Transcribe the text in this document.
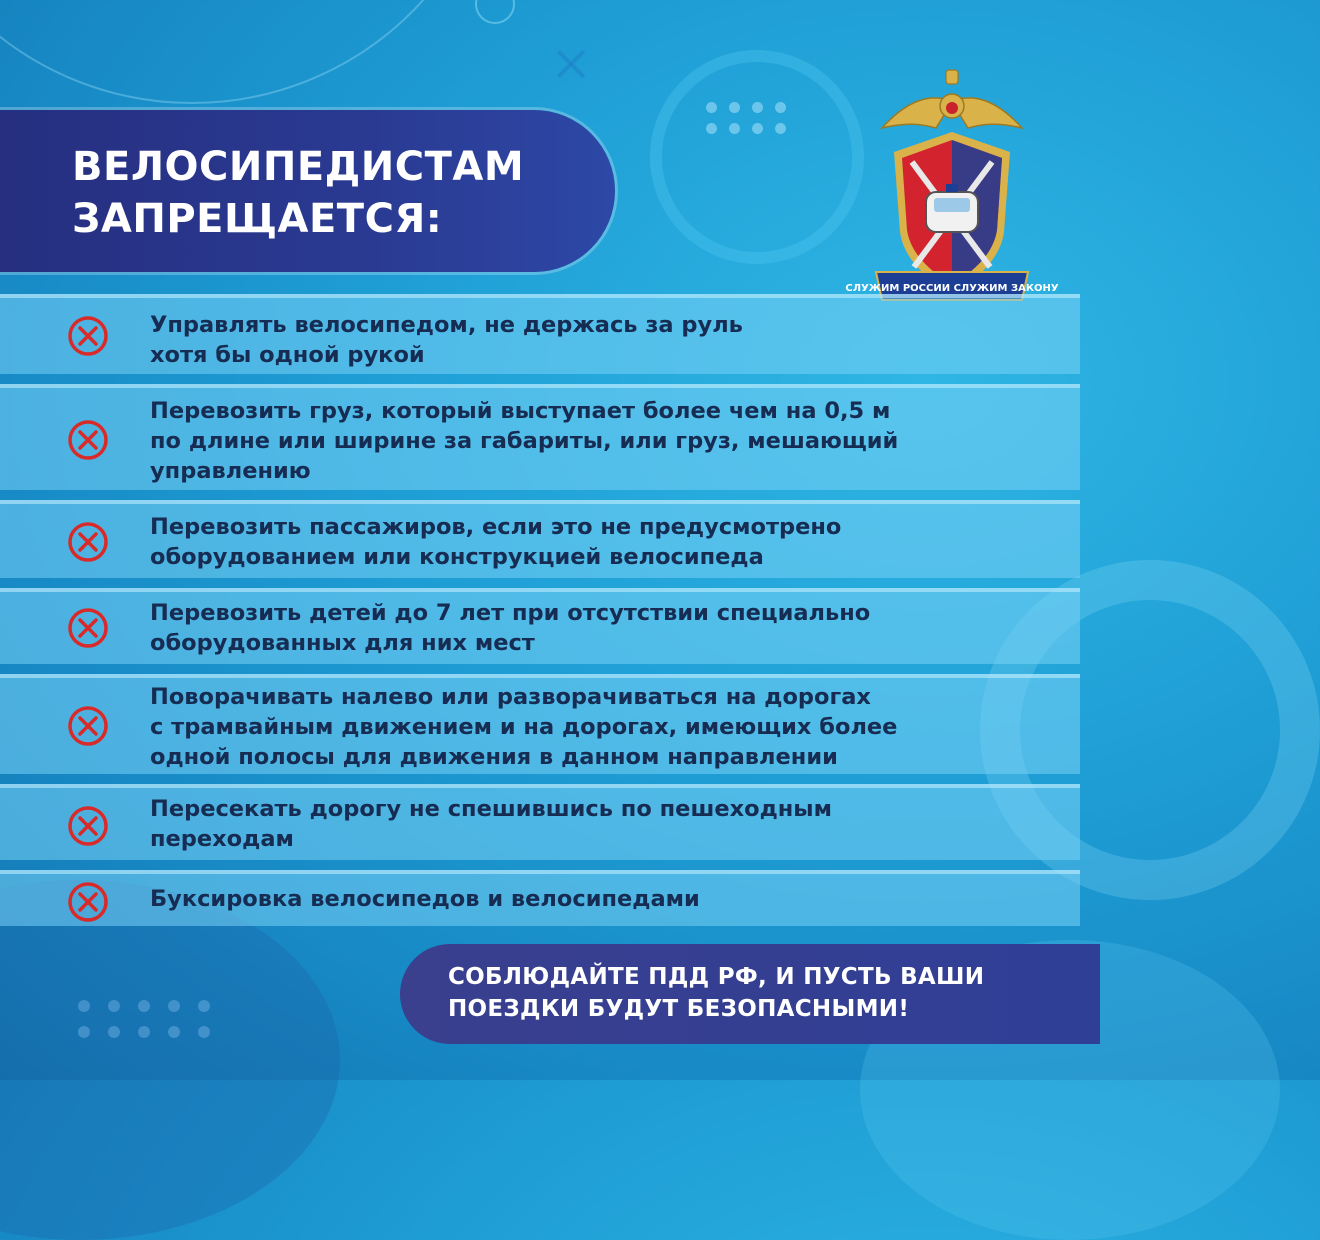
ВЕЛОСИПЕДИСТАМ
ЗАПРЕЩАЕТСЯ:
СЛУЖИМ РОССИИ СЛУЖИМ ЗАКОНУ
Управлять велосипедом, не держась за руль
хотя бы одной рукой
Перевозить груз, который выступает более чем на 0,5 м
по длине или ширине за габариты, или груз, мешающий
управлению
Перевозить пассажиров, если это не предусмотрено
оборудованием или конструкцией велосипеда
Перевозить детей до 7 лет при отсутствии специально
оборудованных для них мест
Поворачивать налево или разворачиваться на дорогах
с трамвайным движением и на дорогах, имеющих более
одной полосы для движения в данном направлении
Пересекать дорогу не спешившись по пешеходным
переходам
Буксировка велосипедов и велосипедами
СОБЛЮДАЙТЕ ПДД РФ, И ПУСТЬ ВАШИ
ПОЕЗДКИ БУДУТ БЕЗОПАСНЫМИ!
